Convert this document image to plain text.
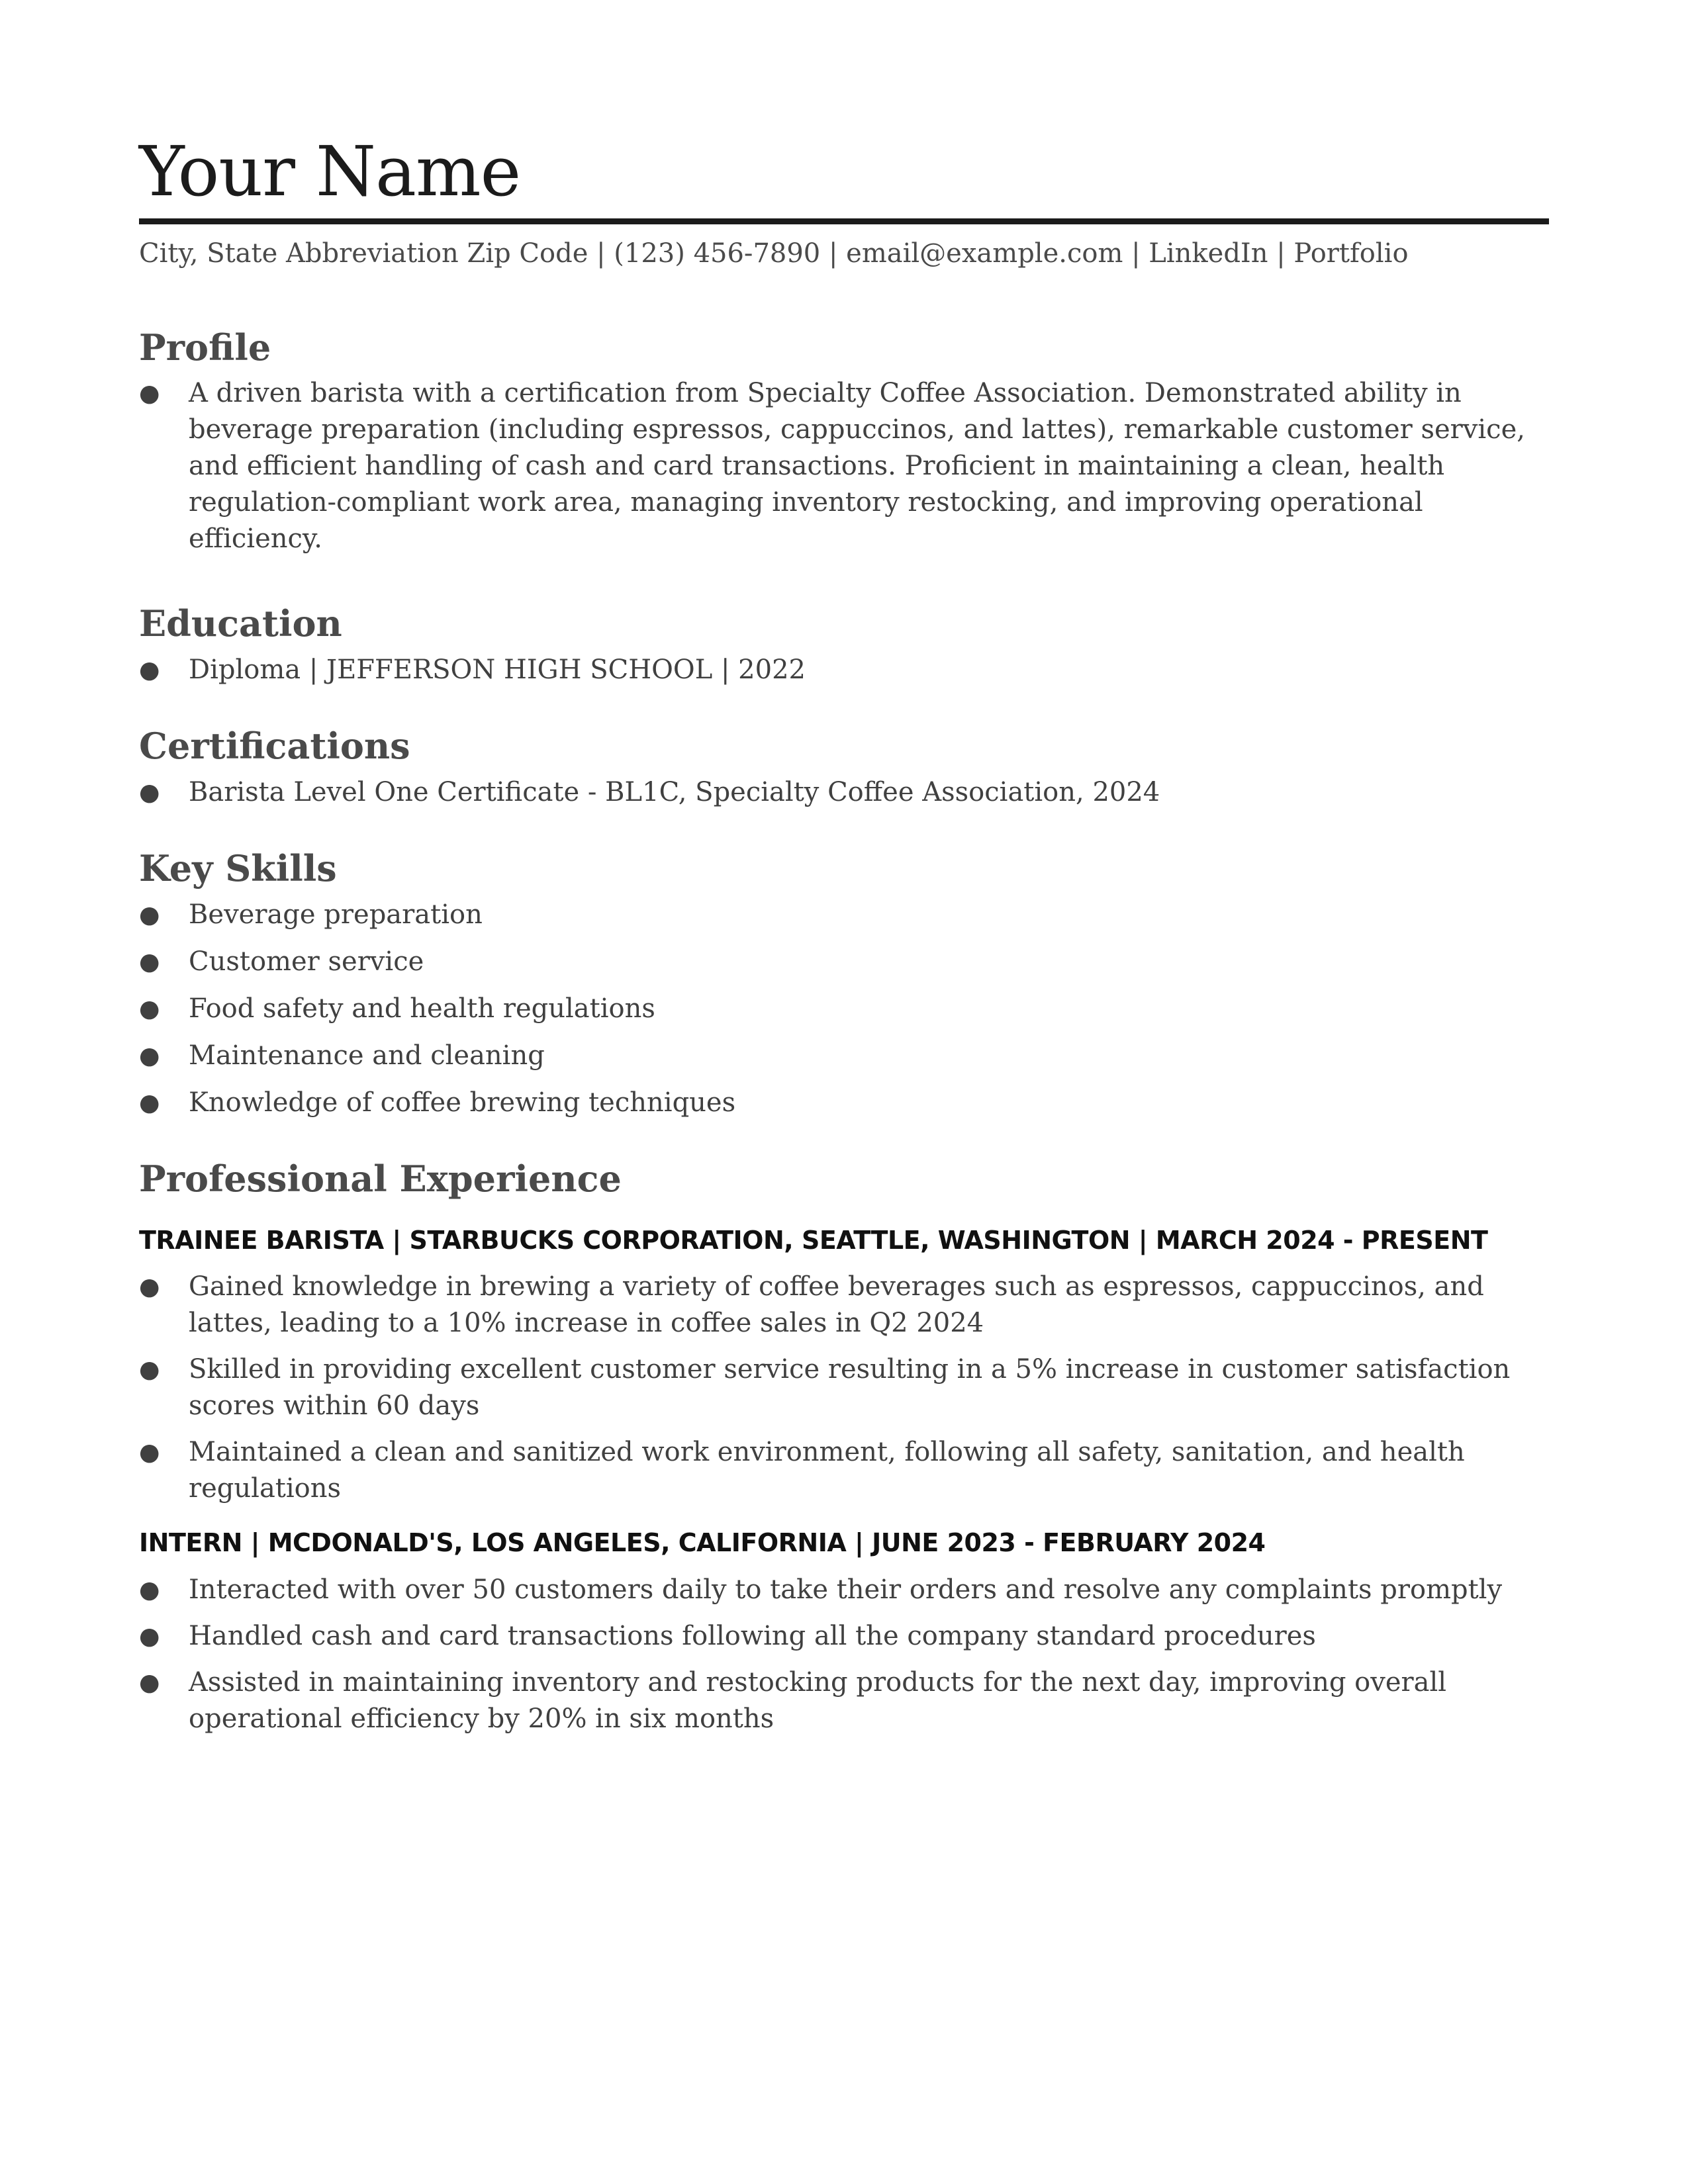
Your Name
City, State Abbreviation Zip Code | (123) 456-7890 | email@example.com | LinkedIn | Portfolio
Profile
● A driven barista with a certification from Specialty Coffee Association. Demonstrated ability in beverage preparation (including espressos, cappuccinos, and lattes), remarkable customer service, and efficient handling of cash and card transactions. Proficient in maintaining a clean, health regulation-compliant work area, managing inventory restocking, and improving operational efficiency.
Education
● Diploma | JEFFERSON HIGH SCHOOL | 2022
Certifications
● Barista Level One Certificate - BL1C, Specialty Coffee Association, 2024
Key Skills
● Beverage preparation
● Customer service
● Food safety and health regulations
● Maintenance and cleaning
● Knowledge of coffee brewing techniques
Professional Experience
TRAINEE BARISTA | STARBUCKS CORPORATION, SEATTLE, WASHINGTON | MARCH 2024 - PRESENT
● Gained knowledge in brewing a variety of coffee beverages such as espressos, cappuccinos, and lattes, leading to a 10% increase in coffee sales in Q2 2024
● Skilled in providing excellent customer service resulting in a 5% increase in customer satisfaction scores within 60 days
● Maintained a clean and sanitized work environment, following all safety, sanitation, and health regulations
INTERN | MCDONALD'S, LOS ANGELES, CALIFORNIA | JUNE 2023 - FEBRUARY 2024
● Interacted with over 50 customers daily to take their orders and resolve any complaints promptly
● Handled cash and card transactions following all the company standard procedures
● Assisted in maintaining inventory and restocking products for the next day, improving overall operational efficiency by 20% in six months
